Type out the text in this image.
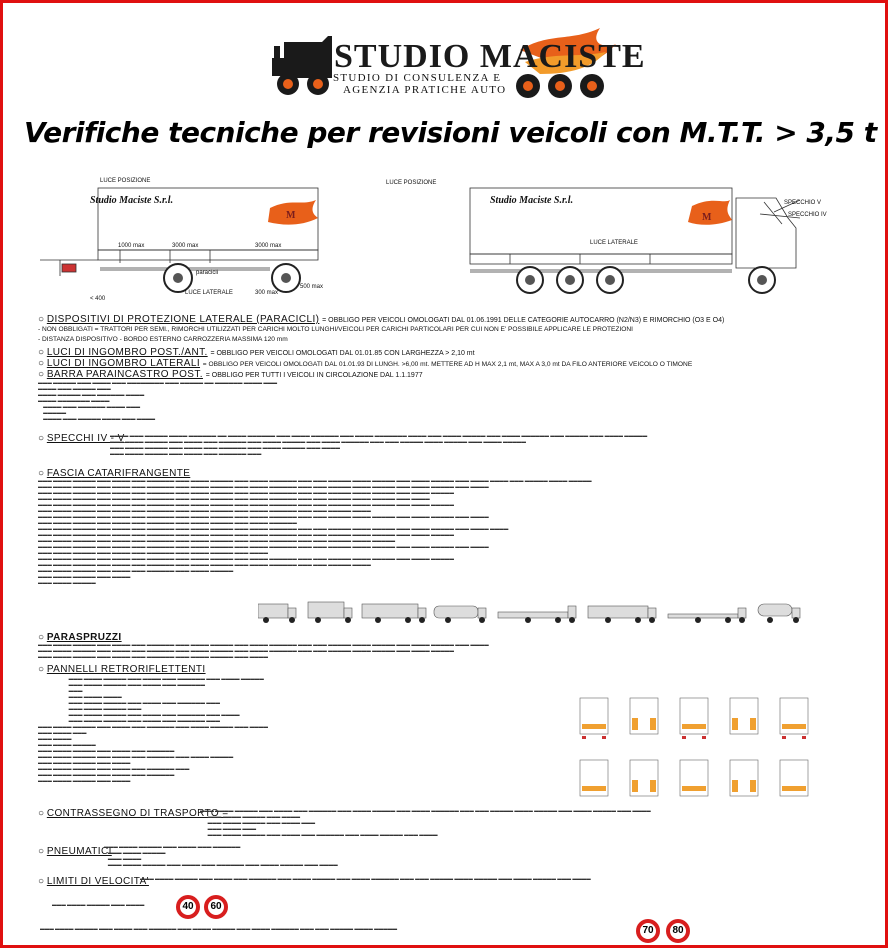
STUDIO MACISTE
STUDIO DI CONSULENZA E
AGENZIA PRATICHE AUTO
Verifiche tecniche per revisioni veicoli con M.T.T. > 3,5 t
M	M
Studio Maciste S.r.l.	Studio Maciste S.r.l.
LUCE POSIZIONE	LUCE POSIZIONE
LUCE LATERALE
LUCE LATERALE
SPECCHIO V
SPECCHIO IV
paracicli
1000 max	3000 max	3000 max
500 max
300 max
< 400
○ DISPOSITIVI DI PROTEZIONE LATERALE (PARACICLI) = OBBLIGO PER VEICOLI OMOLOGATI DAL 01.06.1991 DELLE CATEGORIE AUTOCARRO (N2/N3) E RIMORCHIO (O3 E O4)
- NON OBBLIGATI = TRATTORI PER SEMI., RIMORCHI UTILIZZATI PER CARICHI MOLTO LUNGHI/VEICOLI PER CARICHI PARTICOLARI PER CUI NON E' POSSIBILE APPLICARE LE PROTEZIONI
- DISTANZA DISPOSITIVO - BORDO ESTERNO CARROZZERIA MASSIMA 120 mm
○ LUCI DI INGOMBRO POST./ANT. = OBBLIGO PER VEICOLI OMOLOGATI DAL 01.01.85 CON LARGHEZZA > 2,10 mt
○ LUCI DI INGOMBRO LATERALI = OBBLIGO PER VEICOLI OMOLOGATI DAL 01.01.93 DI LUNGH. >6,00 mt. METTERE AD H MAX 2,1 mt, MAX A 3,0 mt DA FILO ANTERIORE VEICOLO O TIMONE
○ BARRA PARAINCASTRO POST. = OBBLIGO PER TUTTI I VEICOLI IN CIRCOLAZIONE DAL 1.1.1977
▬▬▬ ▬▬▬▬▬ ▬▬▬ ▬▬▬▬ ▬▬▬ ▬▬▬▬▬▬▬▬ ▬▬▬ ▬▬▬▬▬ ▬▬ ▬▬▬▬▬▬ ▬▬▬▬ ▬▬▬
▬▬▬▬ ▬▬▬ ▬▬▬▬▬ ▬▬▬
▬▬▬▬ ▬▬▬▬▬ ▬▬▬ ▬▬▬▬▬▬ ▬▬▬▬
▬▬▬▬ ▬▬▬▬▬▬▬ ▬▬▬▬
▬▬▬▬ ▬▬▬ ▬▬▬▬▬▬ ▬▬▬▬ ▬▬▬
▬▬▬▬▬
▬▬▬▬ ▬▬▬ ▬▬▬▬▬ ▬▬▬▬ ▬▬▬ ▬▬▬▬
○ SPECCHI IV - V
▬▬▬▬ ▬▬▬ ▬▬▬▬▬ ▬▬▬▬ ▬▬▬▬▬▬ ▬▬ ▬▬▬▬ ▬▬▬▬▬▬ ▬▬▬ ▬▬▬▬ ▬▬▬▬▬▬ ▬▬▬ ▬▬▬▬ ▬▬▬▬▬▬▬ ▬▬▬▬ ▬▬▬ ▬▬▬▬ ▬▬▬▬▬ ▬▬▬ ▬▬▬▬ ▬▬▬▬▬▬ ▬▬▬ ▬▬▬▬▬ ▬▬▬ ▬▬▬▬ ▬▬▬▬▬
▬▬▬ ▬▬▬▬ ▬▬▬▬▬ ▬▬▬ ▬▬▬▬ ▬▬▬ ▬▬▬▬▬▬ ▬▬▬ ▬▬▬▬ ▬▬▬▬▬ ▬▬▬ ▬▬▬▬ ▬▬▬▬▬▬ ▬▬▬ ▬▬▬ ▬▬▬▬▬ ▬▬▬▬ ▬▬▬▬▬ ▬▬▬ ▬▬▬▬ ▬▬▬▬▬
▬▬▬ ▬▬▬▬ ▬▬▬▬▬ ▬▬▬ ▬▬▬▬ ▬▬▬ ▬▬▬▬▬▬ ▬▬▬ ▬▬▬▬ ▬▬▬▬▬ ▬▬▬ ▬▬▬▬
▬▬▬ ▬▬▬▬ ▬▬▬▬▬ ▬▬▬ ▬▬▬▬ ▬▬▬ ▬▬▬▬▬▬ ▬▬▬
○ FASCIA CATARIFRANGENTE
▬▬▬ ▬▬▬▬ ▬▬▬▬▬ ▬▬▬ ▬▬▬▬ ▬▬▬ ▬▬▬▬▬▬ ▬▬▬ ▬▬▬▬ ▬▬▬▬▬ ▬▬▬ ▬▬▬▬ ▬▬▬▬▬▬ ▬▬▬ ▬▬▬ ▬▬▬▬▬ ▬▬▬▬ ▬▬▬▬▬ ▬▬▬ ▬▬▬▬ ▬▬▬▬▬ ▬▬▬ ▬▬▬▬ ▬▬▬▬ ▬▬▬ ▬▬▬▬▬ ▬▬▬▬ ▬▬▬▬▬
▬▬▬ ▬▬▬▬ ▬▬▬▬▬ ▬▬▬ ▬▬▬▬ ▬▬▬ ▬▬▬▬▬▬ ▬▬▬ ▬▬▬▬ ▬▬▬▬▬ ▬▬▬ ▬▬▬▬ ▬▬▬▬▬▬ ▬▬▬ ▬▬▬ ▬▬▬▬▬ ▬▬▬▬ ▬▬▬▬▬ ▬▬▬ ▬▬▬▬ ▬▬▬▬▬ ▬▬▬ ▬▬▬▬
▬▬▬ ▬▬▬▬ ▬▬▬▬▬ ▬▬▬ ▬▬▬▬ ▬▬▬ ▬▬▬▬▬▬ ▬▬▬ ▬▬▬▬ ▬▬▬▬▬ ▬▬▬ ▬▬▬▬ ▬▬▬▬▬▬ ▬▬▬ ▬▬▬ ▬▬▬▬▬ ▬▬▬▬ ▬▬▬▬▬ ▬▬▬ ▬▬▬▬ ▬▬▬▬▬
▬▬▬ ▬▬▬▬ ▬▬▬▬▬ ▬▬▬ ▬▬▬▬ ▬▬▬ ▬▬▬▬▬▬ ▬▬▬ ▬▬▬▬ ▬▬▬▬▬ ▬▬▬ ▬▬▬▬ ▬▬▬▬▬▬ ▬▬▬ ▬▬▬ ▬▬▬▬▬ ▬▬▬▬ ▬▬▬▬▬ ▬▬▬ ▬▬▬▬
▬▬▬ ▬▬▬▬ ▬▬▬▬▬ ▬▬▬ ▬▬▬▬ ▬▬▬ ▬▬▬▬▬▬ ▬▬▬ ▬▬▬▬ ▬▬▬▬▬ ▬▬▬ ▬▬▬▬ ▬▬▬▬▬▬ ▬▬▬ ▬▬▬ ▬▬▬▬▬ ▬▬▬▬ ▬▬▬▬▬ ▬▬▬ ▬▬▬▬ ▬▬▬▬▬
▬▬▬ ▬▬▬▬ ▬▬▬▬▬ ▬▬▬ ▬▬▬▬ ▬▬▬ ▬▬▬▬▬▬ ▬▬▬ ▬▬▬▬ ▬▬▬▬▬ ▬▬▬ ▬▬▬▬ ▬▬▬▬▬▬ ▬▬▬ ▬▬▬ ▬▬▬▬▬ ▬▬▬▬
▬▬▬ ▬▬▬▬ ▬▬▬▬▬ ▬▬▬ ▬▬▬▬ ▬▬▬ ▬▬▬▬▬▬ ▬▬▬ ▬▬▬▬ ▬▬▬▬▬ ▬▬▬ ▬▬▬▬ ▬▬▬▬▬▬ ▬▬▬ ▬▬▬ ▬▬▬▬▬ ▬▬▬▬ ▬▬▬▬▬ ▬▬▬ ▬▬▬▬ ▬▬▬▬▬ ▬▬▬ ▬▬▬▬
▬▬▬ ▬▬▬▬ ▬▬▬▬▬ ▬▬▬ ▬▬▬▬ ▬▬▬ ▬▬▬▬▬▬ ▬▬▬ ▬▬▬▬ ▬▬▬▬▬ ▬▬▬ ▬▬▬▬ ▬▬▬▬▬▬
▬▬▬ ▬▬▬▬ ▬▬▬▬▬ ▬▬▬ ▬▬▬▬ ▬▬▬ ▬▬▬▬▬▬ ▬▬▬ ▬▬▬▬ ▬▬▬▬▬ ▬▬▬ ▬▬▬▬ ▬▬▬▬▬▬ ▬▬▬ ▬▬▬ ▬▬▬▬▬ ▬▬▬▬ ▬▬▬▬▬ ▬▬▬ ▬▬▬▬ ▬▬▬▬▬ ▬▬▬ ▬▬▬▬ ▬▬▬▬
▬▬▬ ▬▬▬▬ ▬▬▬▬▬ ▬▬▬ ▬▬▬▬ ▬▬▬ ▬▬▬▬▬▬ ▬▬▬ ▬▬▬▬ ▬▬▬▬▬ ▬▬▬ ▬▬▬▬ ▬▬▬▬▬▬ ▬▬▬ ▬▬▬ ▬▬▬▬▬ ▬▬▬▬ ▬▬▬▬▬ ▬▬▬ ▬▬▬▬ ▬▬▬▬▬
▬▬▬ ▬▬▬▬ ▬▬▬▬▬ ▬▬▬ ▬▬▬▬ ▬▬▬ ▬▬▬▬▬▬ ▬▬▬ ▬▬▬▬ ▬▬▬▬▬ ▬▬▬ ▬▬▬▬ ▬▬▬▬▬▬ ▬▬▬ ▬▬▬ ▬▬▬▬▬ ▬▬▬▬ ▬▬▬▬▬
▬▬▬ ▬▬▬▬ ▬▬▬▬▬ ▬▬▬ ▬▬▬▬ ▬▬▬ ▬▬▬▬▬▬ ▬▬▬ ▬▬▬▬ ▬▬▬▬▬ ▬▬▬ ▬▬▬▬ ▬▬▬▬▬▬ ▬▬▬ ▬▬▬ ▬▬▬▬▬ ▬▬▬▬ ▬▬▬▬▬ ▬▬▬ ▬▬▬▬ ▬▬▬▬▬ ▬▬▬ ▬▬▬▬
▬▬▬ ▬▬▬▬ ▬▬▬▬▬ ▬▬▬ ▬▬▬▬ ▬▬▬ ▬▬▬▬▬▬ ▬▬▬ ▬▬▬▬ ▬▬▬▬▬ ▬▬▬ ▬▬▬▬
▬▬▬ ▬▬▬▬ ▬▬▬▬▬ ▬▬▬ ▬▬▬▬ ▬▬▬ ▬▬▬▬▬▬ ▬▬▬ ▬▬▬▬ ▬▬▬▬▬ ▬▬▬ ▬▬▬▬ ▬▬▬▬▬▬ ▬▬▬ ▬▬▬ ▬▬▬▬▬ ▬▬▬▬ ▬▬▬▬▬ ▬▬▬ ▬▬▬▬ ▬▬▬▬▬
▬▬▬ ▬▬▬▬ ▬▬▬▬▬ ▬▬▬ ▬▬▬▬ ▬▬▬ ▬▬▬▬▬▬ ▬▬▬ ▬▬▬▬ ▬▬▬▬▬ ▬▬▬ ▬▬▬▬ ▬▬▬▬▬▬ ▬▬▬ ▬▬▬ ▬▬▬▬▬ ▬▬▬▬
▬▬▬ ▬▬▬▬ ▬▬▬▬▬ ▬▬▬ ▬▬▬▬ ▬▬▬ ▬▬▬▬▬▬ ▬▬▬ ▬▬▬▬ ▬▬▬▬▬
▬▬▬ ▬▬▬▬ ▬▬▬▬▬ ▬▬▬ ▬▬▬▬
▬▬▬ ▬▬▬▬ ▬▬▬▬▬
○ PARASPRUZZI
▬▬▬ ▬▬▬▬ ▬▬▬▬▬ ▬▬▬ ▬▬▬▬ ▬▬▬ ▬▬▬▬▬▬ ▬▬▬ ▬▬▬▬ ▬▬▬▬▬ ▬▬▬ ▬▬▬▬ ▬▬▬▬▬▬ ▬▬▬ ▬▬▬ ▬▬▬▬▬ ▬▬▬▬ ▬▬▬▬▬ ▬▬▬ ▬▬▬▬ ▬▬▬▬▬ ▬▬▬ ▬▬▬▬
▬▬▬ ▬▬▬▬ ▬▬▬▬▬ ▬▬▬ ▬▬▬▬ ▬▬▬ ▬▬▬▬▬▬ ▬▬▬ ▬▬▬▬ ▬▬▬▬▬ ▬▬▬ ▬▬▬▬ ▬▬▬▬▬▬ ▬▬▬ ▬▬▬ ▬▬▬▬▬ ▬▬▬▬ ▬▬▬▬▬ ▬▬▬ ▬▬▬▬ ▬▬▬▬▬
▬▬▬ ▬▬▬▬ ▬▬▬▬▬ ▬▬▬ ▬▬▬▬ ▬▬▬ ▬▬▬▬▬▬ ▬▬▬ ▬▬▬▬ ▬▬▬▬▬ ▬▬▬ ▬▬▬▬
○ PANNELLI RETRORIFLETTENTI
▬▬▬ ▬▬▬▬ ▬▬▬▬▬ ▬▬▬ ▬▬▬▬ ▬▬▬ ▬▬▬▬▬▬ ▬▬▬ ▬▬▬▬ ▬▬▬▬▬
▬▬▬ ▬▬▬▬ ▬▬▬▬▬ ▬▬▬ ▬▬▬▬ ▬▬▬ ▬▬▬▬▬▬
▬▬▬
▬▬▬ ▬▬▬▬ ▬▬▬▬
▬▬▬ ▬▬▬▬ ▬▬▬▬▬ ▬▬▬ ▬▬▬▬ ▬▬▬ ▬▬▬▬▬▬ ▬▬▬
▬▬▬ ▬▬▬▬ ▬▬▬▬▬ ▬▬▬
▬▬▬ ▬▬▬▬ ▬▬▬▬▬ ▬▬▬ ▬▬▬▬ ▬▬▬ ▬▬▬▬▬▬ ▬▬▬ ▬▬▬▬
▬▬▬ ▬▬▬▬ ▬▬▬▬▬ ▬▬▬ ▬▬▬▬ ▬▬▬ ▬▬▬▬▬▬ ▬▬▬
▬▬▬ ▬▬▬▬ ▬▬▬▬▬ ▬▬▬ ▬▬▬▬ ▬▬▬ ▬▬▬▬▬▬ ▬▬▬ ▬▬▬▬ ▬▬▬▬▬ ▬▬▬ ▬▬▬▬
▬▬▬ ▬▬▬▬ ▬▬▬
▬▬▬ ▬▬▬▬
▬▬▬ ▬▬▬▬ ▬▬▬▬▬
▬▬▬ ▬▬▬▬ ▬▬▬▬▬ ▬▬▬ ▬▬▬▬ ▬▬▬ ▬▬▬▬▬▬
▬▬▬ ▬▬▬▬ ▬▬▬▬▬ ▬▬▬ ▬▬▬▬ ▬▬▬ ▬▬▬▬▬▬ ▬▬▬ ▬▬▬▬ ▬▬▬▬▬
▬▬▬ ▬▬▬▬ ▬▬▬▬▬ ▬▬▬ ▬▬▬▬
▬▬▬ ▬▬▬▬ ▬▬▬▬▬ ▬▬▬ ▬▬▬▬ ▬▬▬ ▬▬▬▬▬▬ ▬▬▬
▬▬▬ ▬▬▬▬ ▬▬▬▬▬ ▬▬▬ ▬▬▬▬ ▬▬▬ ▬▬▬▬▬▬
▬▬▬ ▬▬▬▬ ▬▬▬▬▬ ▬▬▬ ▬▬▬▬
○ CONTRASSEGNO DI TRASPORTO =
▬▬▬ ▬▬▬▬ ▬▬▬▬▬ ▬▬▬ ▬▬▬▬ ▬▬▬ ▬▬▬▬▬▬ ▬▬▬ ▬▬▬▬ ▬▬▬▬▬ ▬▬▬ ▬▬▬▬ ▬▬▬▬▬▬ ▬▬▬ ▬▬▬ ▬▬▬▬▬ ▬▬▬▬ ▬▬▬▬▬ ▬▬▬ ▬▬▬▬ ▬▬▬▬▬ ▬▬▬ ▬▬▬▬
▬▬▬ ▬▬▬▬ ▬▬▬▬▬ ▬▬▬ ▬▬▬▬
▬▬▬ ▬▬▬▬ ▬▬▬▬▬ ▬▬▬ ▬▬▬▬ ▬▬▬
▬▬▬ ▬▬▬▬ ▬▬▬
▬▬▬ ▬▬▬▬ ▬▬▬▬▬ ▬▬▬ ▬▬▬▬ ▬▬▬ ▬▬▬▬▬▬ ▬▬▬ ▬▬▬▬ ▬▬▬▬▬ ▬▬▬ ▬▬▬▬
○ PNEUMATICI
▬▬▬ ▬▬▬▬ ▬▬▬▬▬ ▬▬▬ ▬▬▬▬ ▬▬▬ ▬▬▬▬▬▬
▬▬▬ ▬▬▬▬ ▬▬▬▬▬
▬▬▬ ▬▬▬▬
▬▬▬ ▬▬▬▬ ▬▬▬▬▬ ▬▬▬ ▬▬▬▬ ▬▬▬ ▬▬▬▬▬▬ ▬▬▬ ▬▬▬▬ ▬▬▬▬▬ ▬▬▬ ▬▬▬▬
○ LIMITI DI VELOCITA'
▬▬▬ ▬▬▬▬ ▬▬▬▬▬ ▬▬▬ ▬▬▬▬ ▬▬▬ ▬▬▬▬▬▬ ▬▬▬ ▬▬▬▬ ▬▬▬▬▬ ▬▬▬ ▬▬▬▬ ▬▬▬▬▬▬ ▬▬▬ ▬▬▬ ▬▬▬▬▬ ▬▬▬▬ ▬▬▬▬▬ ▬▬▬ ▬▬▬▬ ▬▬▬▬▬ ▬▬▬ ▬▬▬▬
▬▬▬ ▬▬▬▬ ▬▬▬▬▬ ▬▬▬ ▬▬▬▬
▬▬▬ ▬▬▬▬ ▬▬▬▬▬ ▬▬▬ ▬▬▬▬ ▬▬▬ ▬▬▬▬▬▬ ▬▬▬ ▬▬▬▬ ▬▬▬▬▬ ▬▬▬ ▬▬▬▬ ▬▬▬▬▬▬ ▬▬▬ ▬▬▬ ▬▬▬▬▬ ▬▬▬▬ ▬▬▬▬▬
40	60
70	80
